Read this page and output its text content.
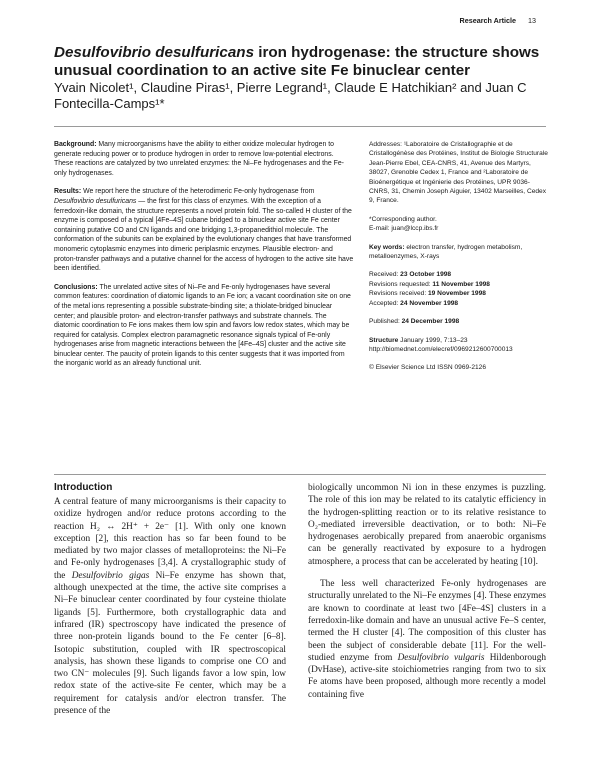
Research Article 13
Desulfovibrio desulfuricans iron hydrogenase: the structure shows unusual coordination to an active site Fe binuclear center

Yvain Nicolet¹, Claudine Piras¹, Pierre Legrand¹, Claude E Hatchikian² and Juan C Fontecilla-Camps¹*

Background: Many microorganisms have the ability to either oxidize molecular hydrogen to generate reducing power or to produce hydrogen in order to remove low-potential electrons. These reactions are catalyzed by two unrelated enzymes: the Ni–Fe hydrogenases and the Fe-only hydrogenases.

Results: We report here the structure of the heterodimeric Fe-only hydrogenase from Desulfovibrio desulfuricans — the first for this class of enzymes. With the exception of a ferredoxin-like domain, the structure represents a novel protein fold. The so-called H cluster of the enzyme is composed of a typical [4Fe–4S] cubane bridged to a binuclear active site Fe center containing putative CO and CN ligands and one bridging 1,3-propanedithiol molecule. The conformation of the subunits can be explained by the evolutionary changes that have transformed monomeric cytoplasmic enzymes into dimeric periplasmic enzymes. Plausible electron- and proton-transfer pathways and a putative channel for the access of hydrogen to the active site have been identified.

Conclusions: The unrelated active sites of Ni–Fe and Fe-only hydrogenases have several common features: coordination of diatomic ligands to an Fe ion; a vacant coordination site on one of the metal ions representing a possible substrate-binding site; a thiolate-bridged binuclear center; and plausible proton- and electron-transfer pathways and substrate channels. The diatomic coordination to Fe ions makes them low spin and favors low redox states, which may be required for catalysis. Complex electron paramagnetic resonance signals typical of Fe-only hydrogenases arise from magnetic interactions between the [4Fe–4S] cluster and the active site binuclear center. The paucity of protein ligands to this center suggests that it was imported from the inorganic world as an already functional unit.

Addresses: ¹Laboratoire de Cristallographie et de Cristallogénèse des Protéines, Institut de Biologie Structurale Jean-Pierre Ebel, CEA-CNRS, 41, Avenue des Martyrs, 38027, Grenoble Cedex 1, France and ²Laboratoire de Bioénergétique et Ingénierie des Protéines, UPR 9036-CNRS, 31, Chemin Joseph Aiguier, 13402 Marseilles, Cedex 9, France.

*Corresponding author.

E-mail: juan@lccp.ibs.fr

Key words: electron transfer, hydrogen metabolism, metalloenzymes, X-rays

Received: 23 October 1998
Revisions requested: 11 November 1998
Revisions received: 19 November 1998
Accepted: 24 November 1998

Published: 24 December 1998

Structure January 1999, 7:13–23
http://biomednet.com/elecref/0969212600700013

© Elsevier Science Ltd ISSN 0969-2126

Introduction

A central feature of many microorganisms is their capacity to oxidize hydrogen and/or reduce protons according to the reaction H₂ ↔ 2H⁺ + 2e⁻ [1]. With only one known exception [2], this reaction has so far been found to be mediated by two major classes of metalloproteins: the Ni–Fe and Fe-only hydrogenases [3,4]. A crystallographic study of the Desulfovibrio gigas Ni–Fe enzyme has shown that, although unexpected at the time, the active site comprises a Ni–Fe binuclear center coordinated by four cysteine thiolate ligands [5]. Furthermore, both crystallographic data and infrared (IR) spectroscopy have indicated the presence of three non-protein ligands bound to the Fe center [6–8]. Isotopic substitution, coupled with IR spectroscopical analysis, has shown these ligands to comprise one CO and two CN⁻ molecules [9]. Such ligands favor a low spin, low redox state of the active-site Fe center, which may be a requirement for catalysis and/or electron transfer. The presence of the

biologically uncommon Ni ion in these enzymes is puzzling. The role of this ion may be related to its catalytic efficiency in the hydrogen-splitting reaction or to its relative resistance to O₂-mediated irreversible deactivation, or to both: Ni–Fe hydrogenases aerobically prepared from anaerobic organisms can be generally reactivated by exposure to a hydrogen atmosphere, a process that can be accelerated by heating [10].

The less well characterized Fe-only hydrogenases are structurally unrelated to the Ni–Fe enzymes [4]. These enzymes are known to coordinate at least two [4Fe–4S] clusters in a ferredoxin-like domain and have an unusual active Fe–S center, termed the H cluster [4]. The composition of this cluster has been the subject of considerable debate [11]. For the well-studied enzyme from Desulfovibrio vulgaris Hildenborough (DvHase), active-site stoichiometries ranging from two to six Fe atoms have been proposed, although more recently a model containing five
